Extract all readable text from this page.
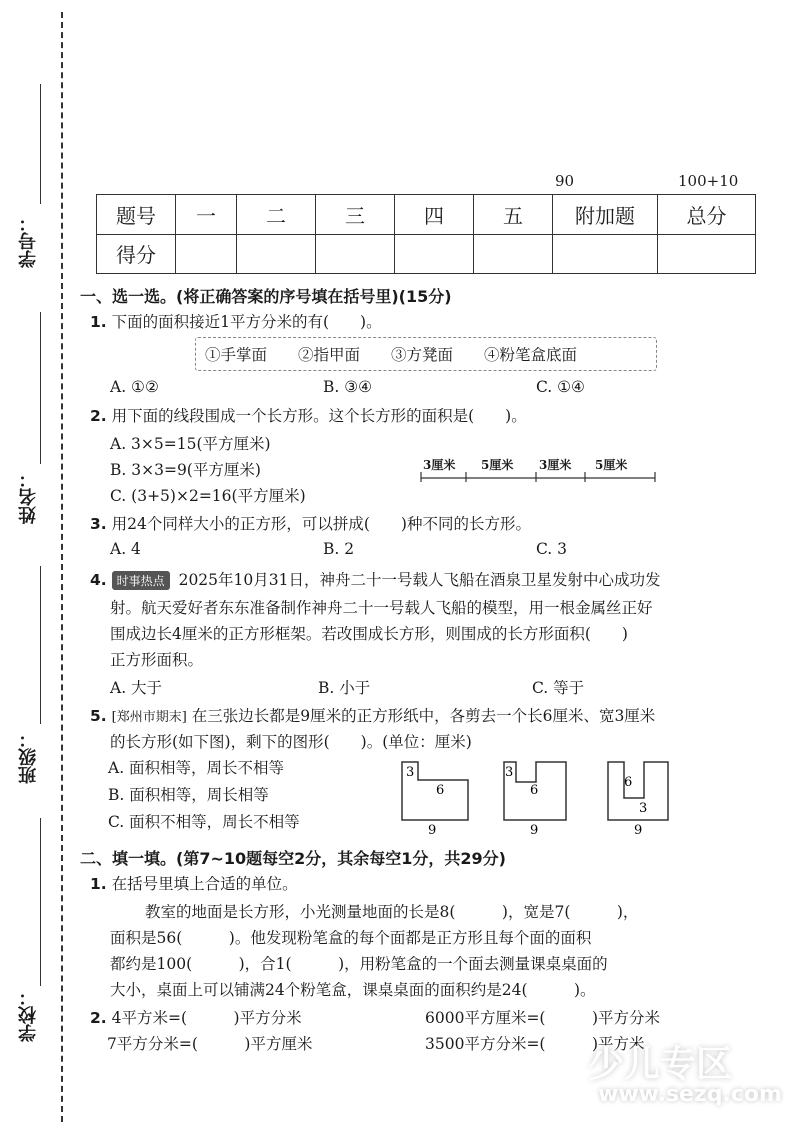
学号：
姓名：
班级：
学校：
90	100+10
题号	一	二	三	四	五	附加题	总分
得分							
一、选一选。(将正确答案的序号填在括号里)(15分)
1. 下面的面积接近1平方分米的有(　　)。
①手掌面　　②指甲面　　③方凳面　　④粉笔盒底面
A. ①②	B. ③④	C. ①④
2. 用下面的线段围成一个长方形。这个长方形的面积是(　　)。
A. 3×5=15(平方厘米)
B. 3×3=9(平方厘米)
C. (3+5)×2=16(平方厘米)
3厘米 5厘米 3厘米 5厘米
3. 用24个同样大小的正方形，可以拼成(　　)种不同的长方形。
A. 4	B. 2	C. 3
4. 时事热点 2025年10月31日，神舟二十一号载人飞船在酒泉卫星发射中心成功发
射。航天爱好者东东准备制作神舟二十一号载人飞船的模型，用一根金属丝正好
围成边长4厘米的正方形框架。若改围成长方形，则围成的长方形面积(　　)
正方形面积。
A. 大于	B. 小于	C. 等于
5. [郑州市期末] 在三张边长都是9厘米的正方形纸中，各剪去一个长6厘米、宽3厘米
的长方形(如下图)，剩下的图形(　　)。(单位：厘米)
A. 面积相等，周长不相等
B. 面积相等，周长相等
C. 面积不相等，周长不相等
3
6
9
3
6
9
6
3
9
二、填一填。(第7~10题每空2分，其余每空1分，共29分)
1. 在括号里填上合适的单位。
教室的地面是长方形，小光测量地面的长是8(　　　)，宽是7(　　　)，
面积是56(　　　)。他发现粉笔盒的每个面都是正方形且每个面的面积
都约是100(　　　)，合1(　　　)，用粉笔盒的一个面去测量课桌桌面的
大小，桌面上可以铺满24个粉笔盒，课桌桌面的面积约是24(　　　)。
2. 4平方米=(　　　)平方分米	6000平方厘米=(　　　)平方分米
7平方分米=(　　　)平方厘米	3500平方分米=(　　　)平方米
少儿专区
www.sezq.com
